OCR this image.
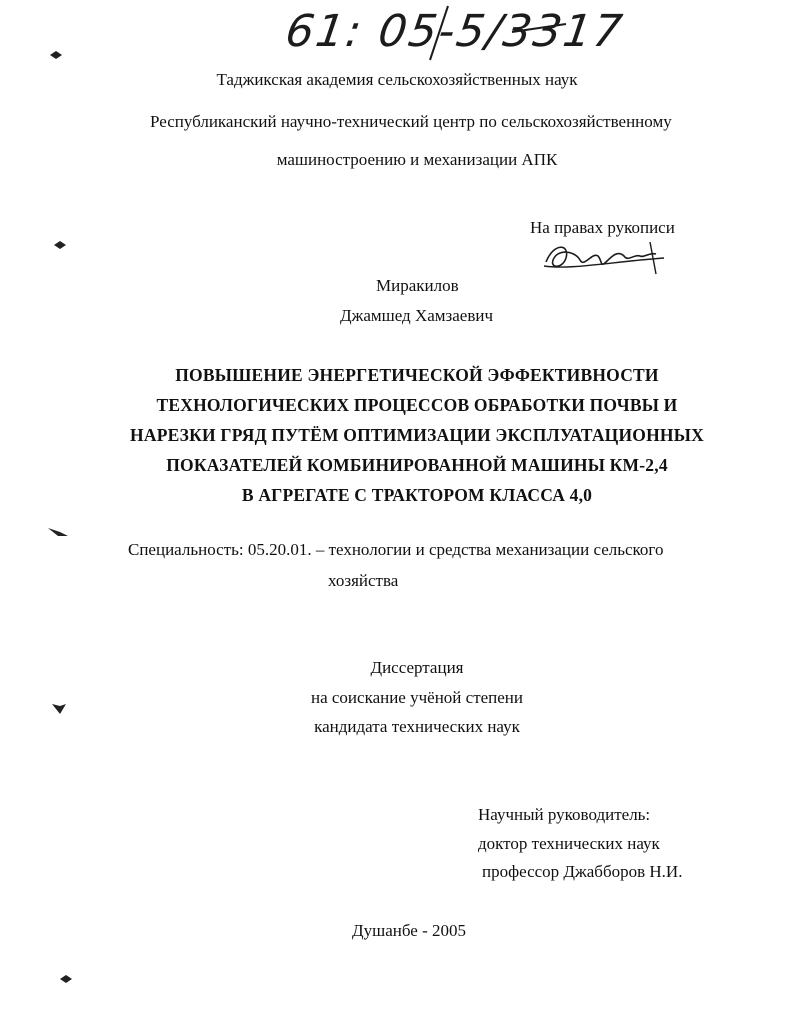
61: 05-5/3317
Таджикская академия сельскохозяйственных наук
Республиканский научно-технический центр по сельскохозяйственному
машиностроению и механизации АПК
На правах рукописи
Миракилов
Джамшед Хамзаевич
ПОВЫШЕНИЕ ЭНЕРГЕТИЧЕСКОЙ ЭФФЕКТИВНОСТИ
ТЕХНОЛОГИЧЕСКИХ ПРОЦЕССОВ ОБРАБОТКИ ПОЧВЫ И
НАРЕЗКИ ГРЯД ПУТЁМ ОПТИМИЗАЦИИ ЭКСПЛУАТАЦИОННЫХ
ПОКАЗАТЕЛЕЙ КОМБИНИРОВАННОЙ МАШИНЫ КМ-2,4
В АГРЕГАТЕ С ТРАКТОРОМ КЛАССА 4,0
Специальность: 05.20.01. – технологии и средства механизации сельского
хозяйства
Диссертация
на соискание учёной степени
кандидата технических наук
Научный руководитель:
доктор технических наук
профессор Джабборов Н.И.
Душанбе - 2005
